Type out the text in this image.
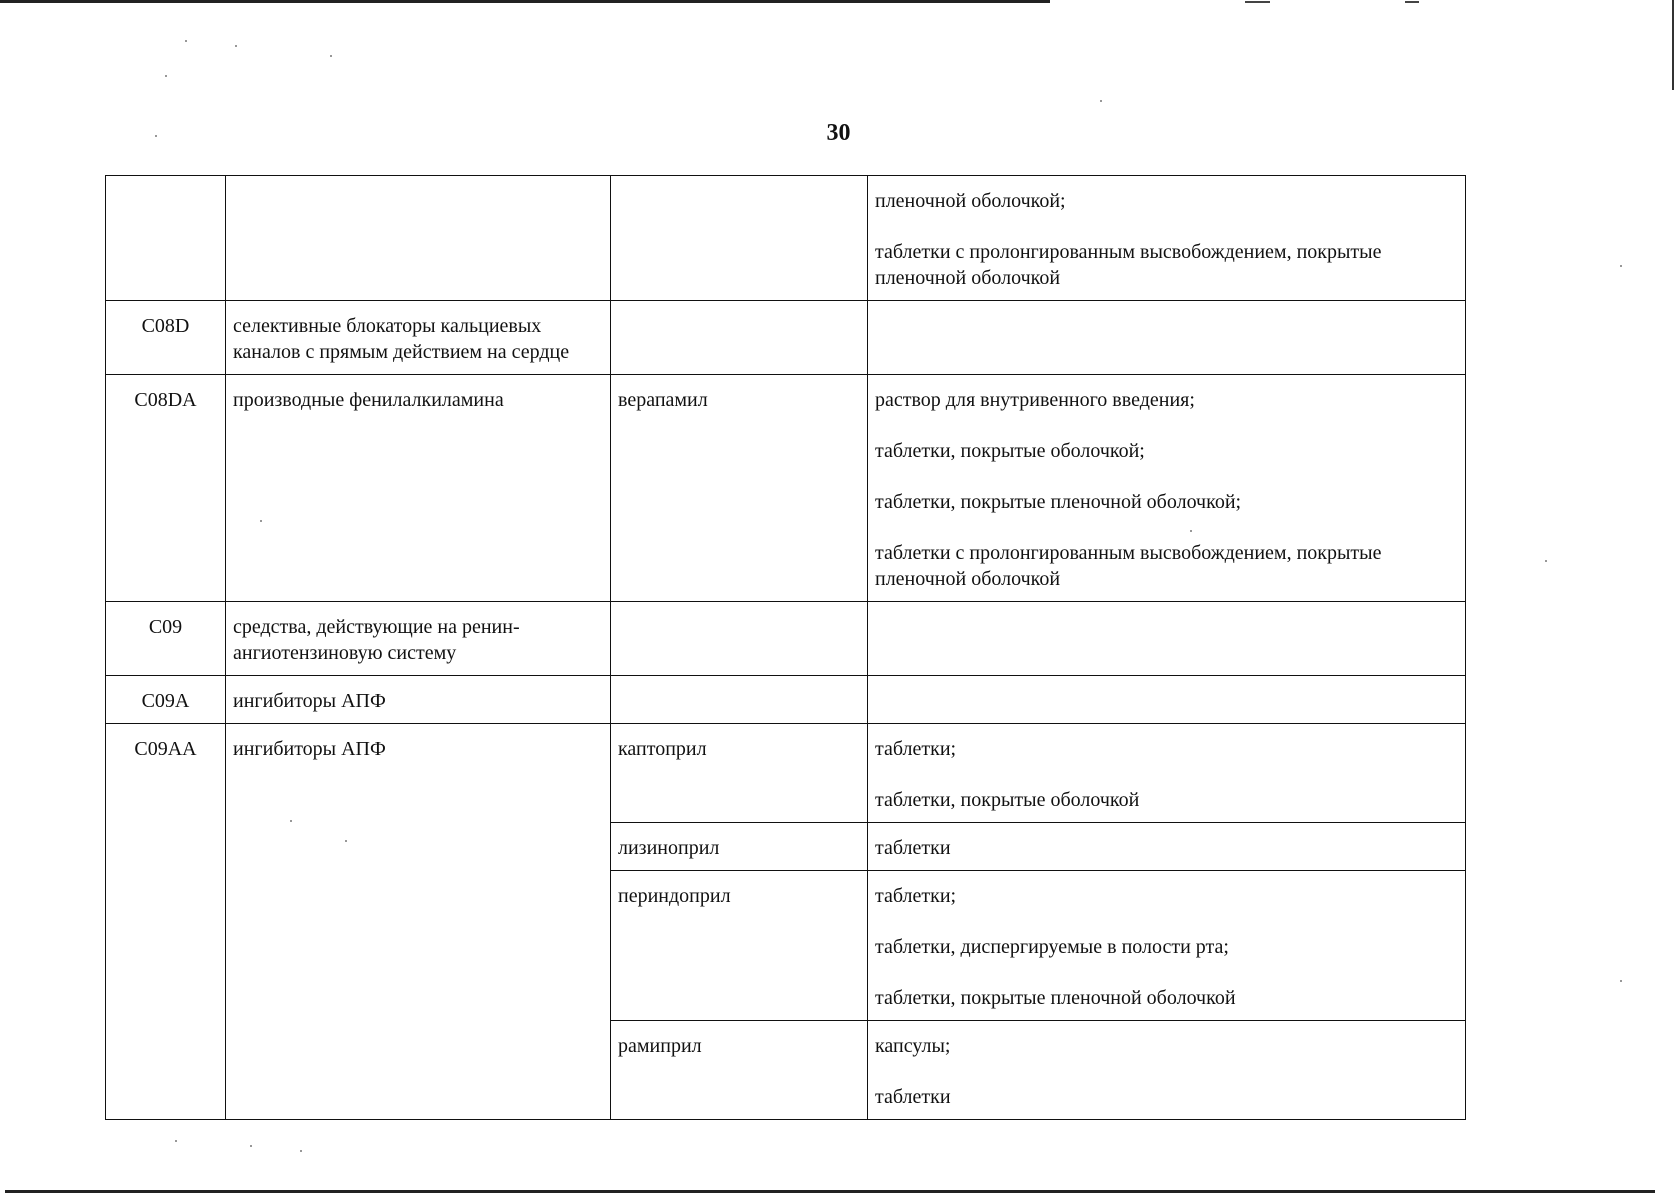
30

			пленочной оболочкой;
таблетки с пролонгированным высвобождением, покрытые пленочной оболочкой

C08D	селективные блокаторы кальциевых каналов с прямым действием на сердце		
C08DA	производные фенилалкиламина	верапамил	раствор для внутривенного введения;
таблетки, покрытые оболочкой;
таблетки, покрытые пленочной оболочкой;
таблетки с пролонгированным высвобождением, покрытые пленочной оболочкой

C09	средства, действующие на ренин-ангиотензиновую систему		
C09A	ингибиторы АПФ		
C09AA	ингибиторы АПФ	каптоприл	таблетки;
таблетки, покрытые оболочкой

		лизиноприл	таблетки

		периндоприл	таблетки;
таблетки, диспергируемые в полости рта;
таблетки, покрытые пленочной оболочкой

		рамиприл	капсулы;
таблетки
